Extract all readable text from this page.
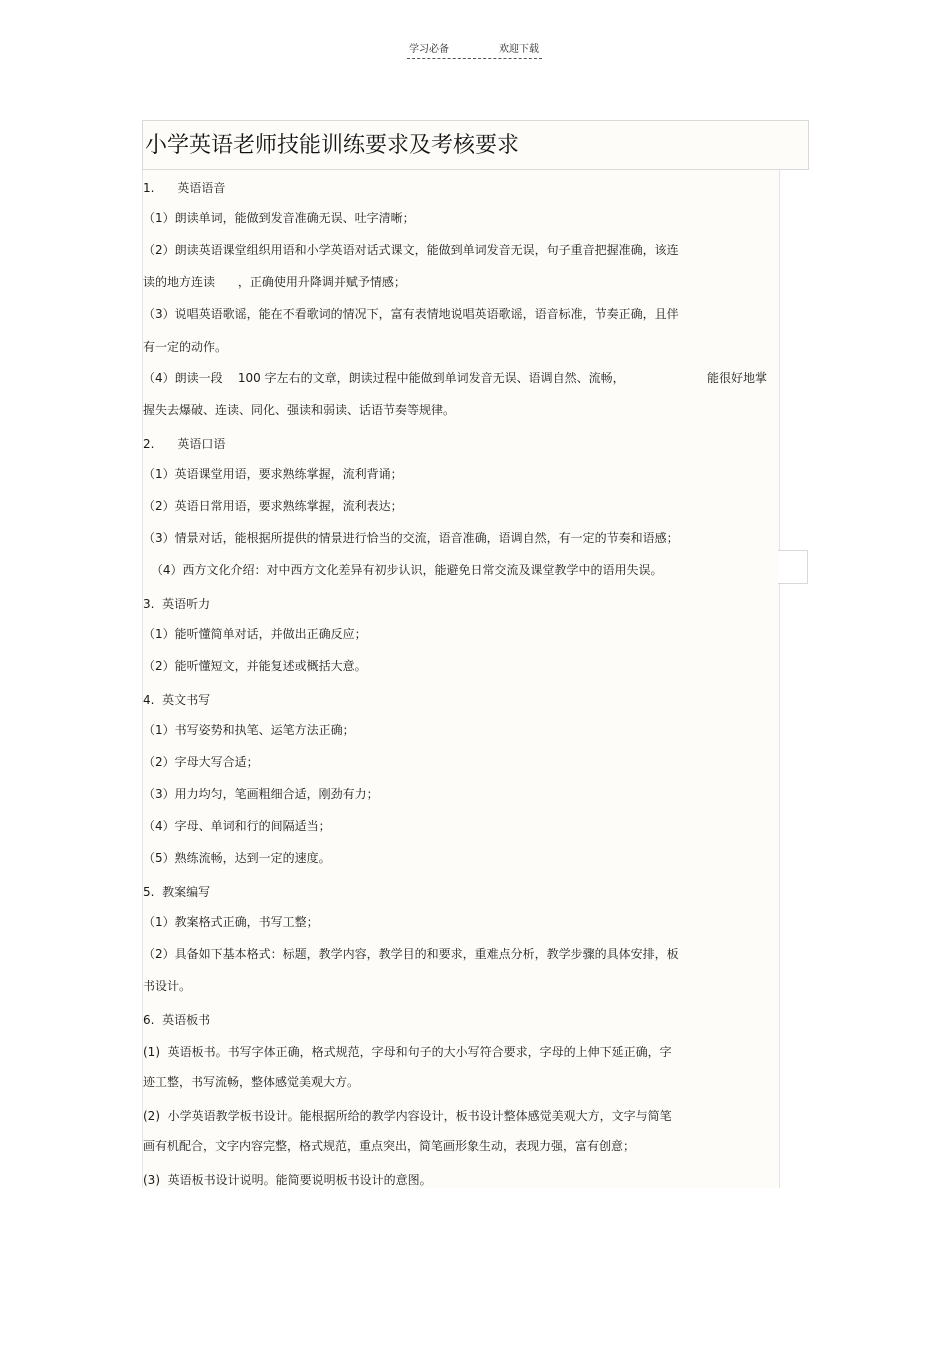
学习必备	欢迎下载
小学英语老师技能训练要求及考核要求
1.      英语语音
（1）朗读单词，能做到发音准确无误、吐字清晰；
（2）朗读英语课堂组织用语和小学英语对话式课文，能做到单词发音无误，句子重音把握准确，该连
读的地方连读      ，正确使用升降调并赋予情感；
（3）说唱英语歌谣，能在不看歌词的情况下，富有表情地说唱英语歌谣，语音标准，节奏正确，且伴
有一定的动作。
（4）朗读一段    100 字左右的文章，朗读过程中能做到单词发音无误、语调自然、流畅，	能很好地掌
握失去爆破、连读、同化、强读和弱读、话语节奏等规律。
2.      英语口语
（1）英语课堂用语，要求熟练掌握，流利背诵；
（2）英语日常用语，要求熟练掌握，流利表达；
（3）情景对话，能根据所提供的情景进行恰当的交流，语音准确，语调自然，有一定的节奏和语感；
（4）西方文化介绍：对中西方文化差异有初步认识，能避免日常交流及课堂教学中的语用失误。
3.  英语听力
（1）能听懂简单对话，并做出正确反应；
（2）能听懂短文，并能复述或概括大意。
4.  英文书写
（1）书写姿势和执笔、运笔方法正确；
（2）字母大写合适；
（3）用力均匀，笔画粗细合适，刚劲有力；
（4）字母、单词和行的间隔适当；
（5）熟练流畅，达到一定的速度。
5.  教案编写
（1）教案格式正确，书写工整；
（2）具备如下基本格式：标题，教学内容，教学目的和要求，重难点分析，教学步骤的具体安排，板
书设计。
6.  英语板书
(1)  英语板书。书写字体正确，格式规范，字母和句子的大小写符合要求，字母的上伸下延正确，字
迹工整，书写流畅，整体感觉美观大方。
(2)  小学英语教学板书设计。能根据所给的教学内容设计，板书设计整体感觉美观大方，文字与简笔
画有机配合，文字内容完整，格式规范，重点突出，简笔画形象生动，表现力强，富有创意；
(3)  英语板书设计说明。能简要说明板书设计的意图。
